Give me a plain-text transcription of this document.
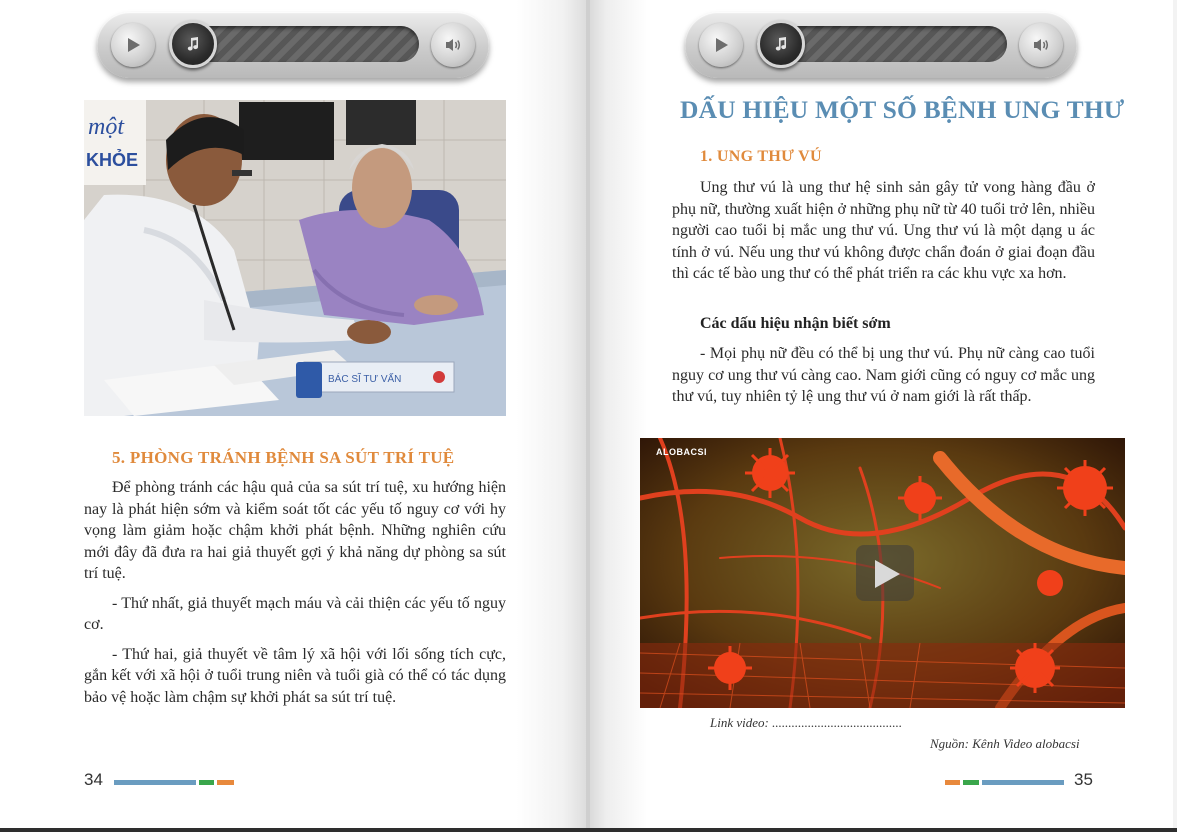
một
KHỎE
BÁC SĨ TƯ VẤN
5. PHÒNG TRÁNH BỆNH SA SÚT TRÍ TUỆ

Để phòng tránh các hậu quả của sa sút trí tuệ, xu hướng hiện nay là phát hiện sớm và kiểm soát tốt các yếu tố nguy cơ với hy vọng làm giảm hoặc chậm khởi phát bệnh. Những nghiên cứu mới đây đã đưa ra hai giả thuyết gợi ý khả năng dự phòng sa sút trí tuệ.

- Thứ nhất, giả thuyết mạch máu và cải thiện các yếu tố nguy cơ.

- Thứ hai, giả thuyết về tâm lý xã hội với lối sống tích cực, gắn kết với xã hội ở tuổi trung niên và tuổi già có thể có tác dụng bảo vệ hoặc làm chậm sự khởi phát sa sút trí tuệ.

34
DẤU HIỆU MỘT SỐ BỆNH UNG THƯ
1. UNG THƯ VÚ

Ung thư vú là ung thư hệ sinh sản gây tử vong hàng đầu ở phụ nữ, thường xuất hiện ở những phụ nữ từ 40 tuổi trở lên, nhiều người cao tuổi bị mắc ung thư vú. Ung thư vú là một dạng u ác tính ở vú. Nếu ung thư vú không được chẩn đoán ở giai đoạn đầu thì các tế bào ung thư có thể phát triển ra các khu vực xa hơn.

Các dấu hiệu nhận biết sớm

- Mọi phụ nữ đều có thể bị ung thư vú. Phụ nữ càng cao tuổi nguy cơ ung thư vú càng cao. Nam giới cũng có nguy cơ mắc ung thư vú, tuy nhiên tỷ lệ ung thư vú ở nam giới là rất thấp.

ALOBACSI
Link video: ........................................
Nguồn: Kênh Video alobacsi
35
